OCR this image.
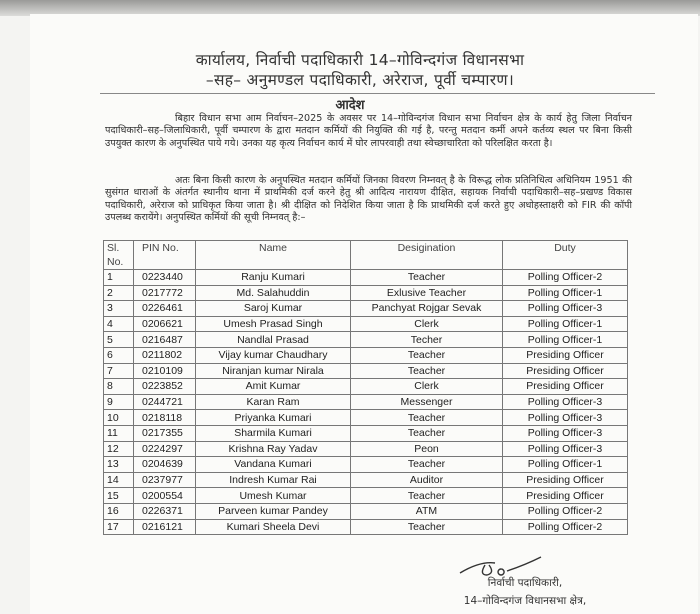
कार्यालय, निर्वाची पदाधिकारी 14–गोविन्दगंज विधानसभा
–सह– अनुमण्डल पदाधिकारी, अरेराज, पूर्वी चम्पारण।
आदेश
बिहार विधान सभा आम निर्वाचन–2025 के अवसर पर 14–गोविन्दगंज विधान सभा निर्वाचन क्षेत्र के कार्य हेतु जिला निर्वाचन पदाधिकारी–सह–जिलाधिकारी, पूर्वी चम्पारण के द्वारा मतदान कर्मियों की नियुक्ति की गई है, परन्तु मतदान कर्मी अपने कर्तव्य स्थल पर बिना किसी उपयुक्त कारण के अनुपस्थित पाये गये। उनका यह कृत्य निर्वाचन कार्य में घोर लापरवाही तथा स्वेच्छाचारिता को परिलक्षित करता है।
अतः बिना किसी कारण के अनुपस्थित मतदान कर्मियों जिनका विवरण निम्नवत् है के विरूद्ध लोक प्रतिनिधित्व अधिनियम 1951 की सुसंगत धाराओं के अंतर्गत स्थानीय थाना में प्राथमिकी दर्ज करने हेतु श्री आदित्य नारायण दीक्षित, सहायक निर्वाची पदाधिकारी–सह–प्रखण्ड विकास पदाधिकारी, अरेराज को प्राधिकृत किया जाता है। श्री दीक्षित को निदेशित किया जाता है कि प्राथमिकी दर्ज करते हुए अधोहस्ताक्षरी को FIR की कॉपी उपलब्ध करायेंगे। अनुपस्थित कर्मियों की सूची निम्नवत् है:–
Sl. No.	PIN No.	Name	Desigination	Duty
1	0223440	Ranju Kumari	Teacher	Polling Officer-2
2	0217772	Md. Salahuddin	Exlusive Teacher	Polling Officer-1
3	0226461	Saroj Kumar	Panchyat Rojgar Sevak	Polling Officer-3
4	0206621	Umesh Prasad Singh	Clerk	Polling Officer-1
5	0216487	Nandlal Prasad	Techer	Polling Officer-1
6	0211802	Vijay kumar Chaudhary	Teacher	Presiding Officer
7	0210109	Niranjan kumar Nirala	Teacher	Presiding Officer
8	0223852	Amit Kumar	Clerk	Presiding Officer
9	0244721	Karan Ram	Messenger	Polling Officer-3
10	0218118	Priyanka Kumari	Teacher	Polling Officer-3
11	0217355	Sharmila Kumari	Teacher	Polling Officer-3
12	0224297	Krishna Ray Yadav	Peon	Polling Officer-3
13	0204639	Vandana Kumari	Teacher	Polling Officer-1
14	0237977	Indresh Kumar Rai	Auditor	Presiding Officer
15	0200554	Umesh Kumar	Teacher	Presiding Officer
16	0226371	Parveen kumar Pandey	ATM	Polling Officer-2
17	0216121	Kumari Sheela Devi	Teacher	Polling Officer-2
निर्वाची पदाधिकारी,
14–गोविन्दगंज विधानसभा क्षेत्र,
